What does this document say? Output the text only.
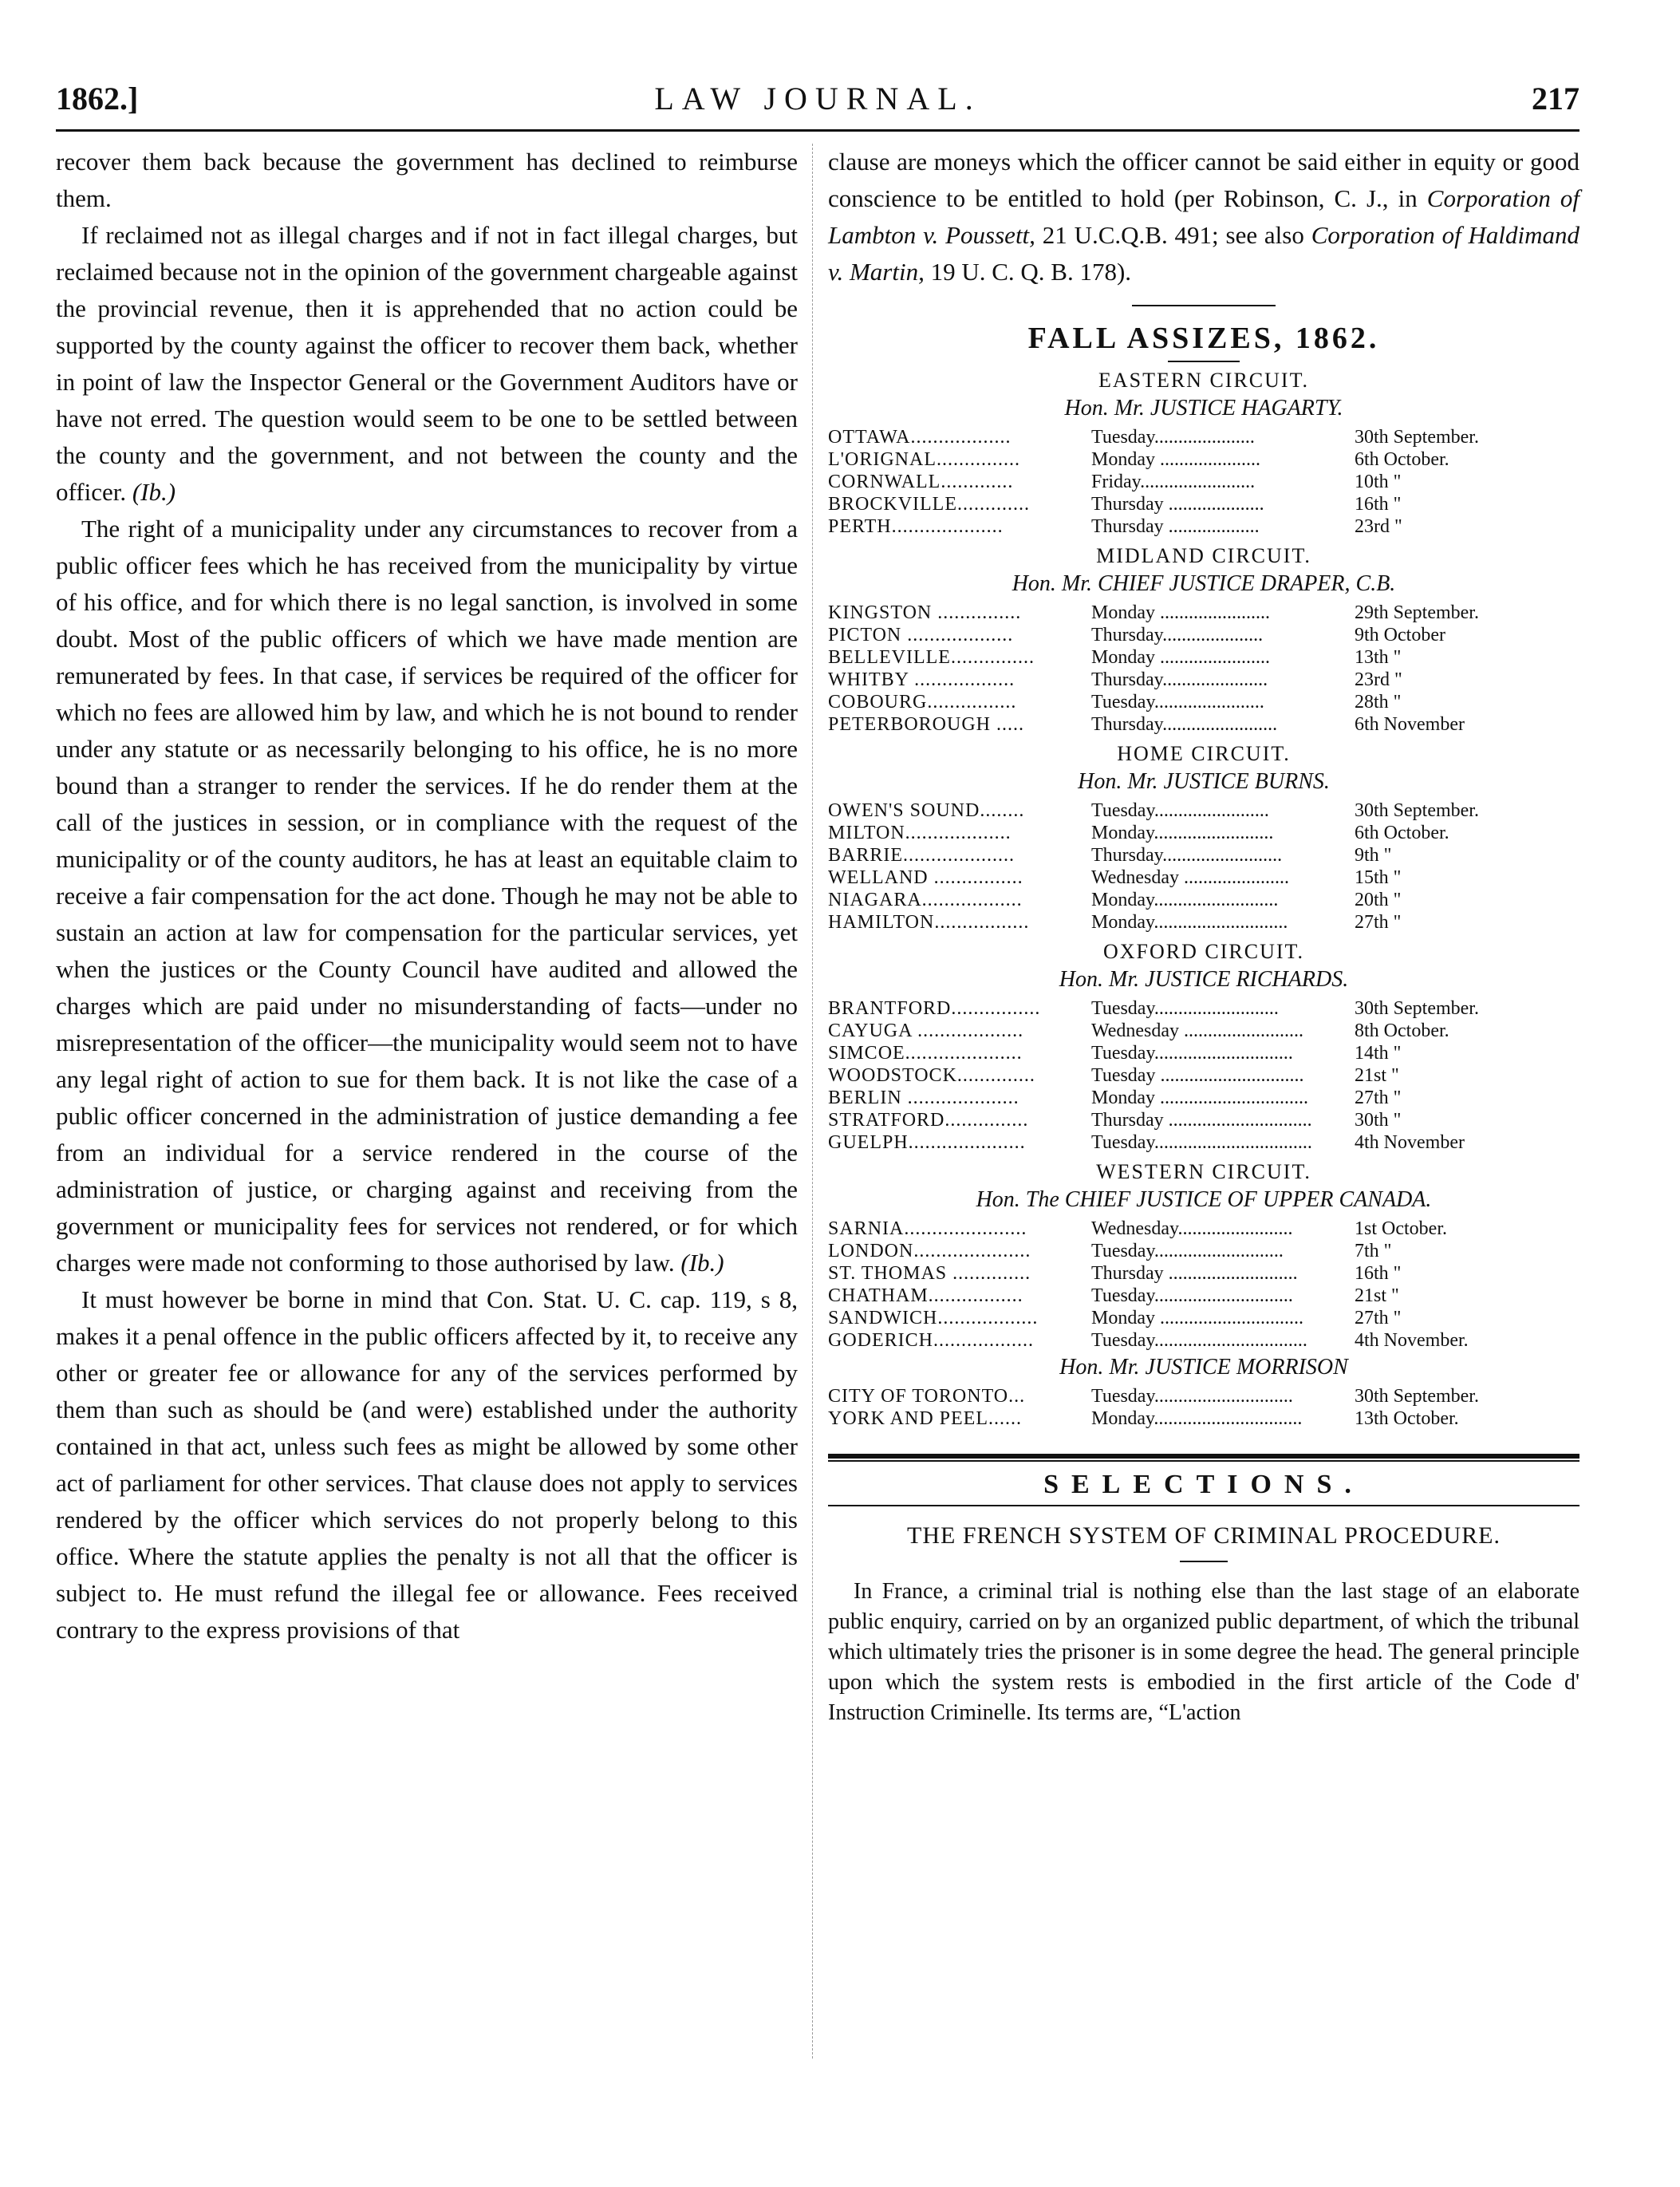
1862.]	LAW JOURNAL.	217

recover them back because the government has declined to reimburse them.

If reclaimed not as illegal charges and if not in fact illegal charges, but reclaimed because not in the opinion of the government chargeable against the provincial revenue, then it is apprehended that no action could be supported by the county against the officer to recover them back, whether in point of law the Inspector General or the Government Auditors have or have not erred. The question would seem to be one to be settled between the county and the government, and not between the county and the officer. (Ib.)

The right of a municipality under any circumstances to recover from a public officer fees which he has received from the municipality by virtue of his office, and for which there is no legal sanction, is involved in some doubt. Most of the public officers of which we have made mention are remunerated by fees. In that case, if services be required of the officer for which no fees are allowed him by law, and which he is not bound to render under any statute or as necessarily belonging to his office, he is no more bound than a stranger to render the services. If he do render them at the call of the justices in session, or in compliance with the request of the municipality or of the county auditors, he has at least an equitable claim to receive a fair compensation for the act done. Though he may not be able to sustain an action at law for compensation for the particular services, yet when the justices or the County Council have audited and allowed the charges which are paid under no misunderstanding of facts—under no misrepresentation of the officer—the municipality would seem not to have any legal right of action to sue for them back. It is not like the case of a public officer concerned in the administration of justice demanding a fee from an individual for a service rendered in the course of the administration of justice, or charging against and receiving from the government or municipality fees for services not rendered, or for which charges were made not conforming to those authorised by law. (Ib.)

It must however be borne in mind that Con. Stat. U. C. cap. 119, s 8, makes it a penal offence in the public officers affected by it, to receive any other or greater fee or allowance for any of the services performed by them than such as should be (and were) established under the authority contained in that act, unless such fees as might be allowed by some other act of parliament for other services. That clause does not apply to services rendered by the officer which services do not properly belong to this office. Where the statute applies the penalty is not all that the officer is subject to. He must refund the illegal fee or allowance. Fees received contrary to the express provisions of that

clause are moneys which the officer cannot be said either in equity or good conscience to be entitled to hold (per Robinson, C. J., in Corporation of Lambton v. Poussett, 21 U.C.Q.B. 491; see also Corporation of Haldimand v. Martin, 19 U. C. Q. B. 178).

FALL ASSIZES, 1862.
EASTERN CIRCUIT.
Hon. Mr. JUSTICE HAGARTY.
OTTAWA..................	Tuesday.....................	30th September.
L'ORIGNAL...............	Monday .....................	6th October.
CORNWALL.............	Friday........................	10th "
BROCKVILLE.............	Thursday ....................	16th "
PERTH....................	Thursday ...................	23rd "
MIDLAND CIRCUIT.
Hon. Mr. CHIEF JUSTICE DRAPER, C.B.
KINGSTON ...............	Monday .......................	29th September.
PICTON ...................	Thursday.....................	9th October
BELLEVILLE...............	Monday .......................	13th "
WHITBY ..................	Thursday......................	23rd "
COBOURG................	Tuesday.......................	28th "
PETERBOROUGH .....	Thursday........................	6th November
HOME CIRCUIT.
Hon. Mr. JUSTICE BURNS.
OWEN'S SOUND........	Tuesday........................	30th September.
MILTON...................	Monday.........................	6th October.
BARRIE....................	Thursday.........................	9th "
WELLAND ................	Wednesday ......................	15th "
NIAGARA..................	Monday..........................	20th "
HAMILTON.................	Monday............................	27th "
OXFORD CIRCUIT.
Hon. Mr. JUSTICE RICHARDS.
BRANTFORD................	Tuesday..........................	30th September.
CAYUGA ...................	Wednesday .........................	8th October.
SIMCOE.....................	Tuesday.............................	14th "
WOODSTOCK..............	Tuesday ..............................	21st "
BERLIN ....................	Monday ...............................	27th "
STRATFORD...............	Thursday ..............................	30th "
GUELPH.....................	Tuesday.................................	4th November
WESTERN CIRCUIT.
Hon. The CHIEF JUSTICE OF UPPER CANADA.
SARNIA......................	Wednesday........................	1st October.
LONDON.....................	Tuesday...........................	7th "
ST. THOMAS ..............	Thursday ...........................	16th "
CHATHAM.................	Tuesday.............................	21st "
SANDWICH..................	Monday ..............................	27th "
GODERICH..................	Tuesday................................	4th November.
Hon. Mr. JUSTICE MORRISON
CITY OF TORONTO...	Tuesday.............................	30th September.
YORK AND PEEL......	Monday...............................	13th October.
SELECTIONS.
THE FRENCH SYSTEM OF CRIMINAL PROCEDURE.

In France, a criminal trial is nothing else than the last stage of an elaborate public enquiry, carried on by an organized public department, of which the tribunal which ultimately tries the prisoner is in some degree the head. The general principle upon which the system rests is embodied in the first article of the Code d' Instruction Criminelle. Its terms are, “L'action
